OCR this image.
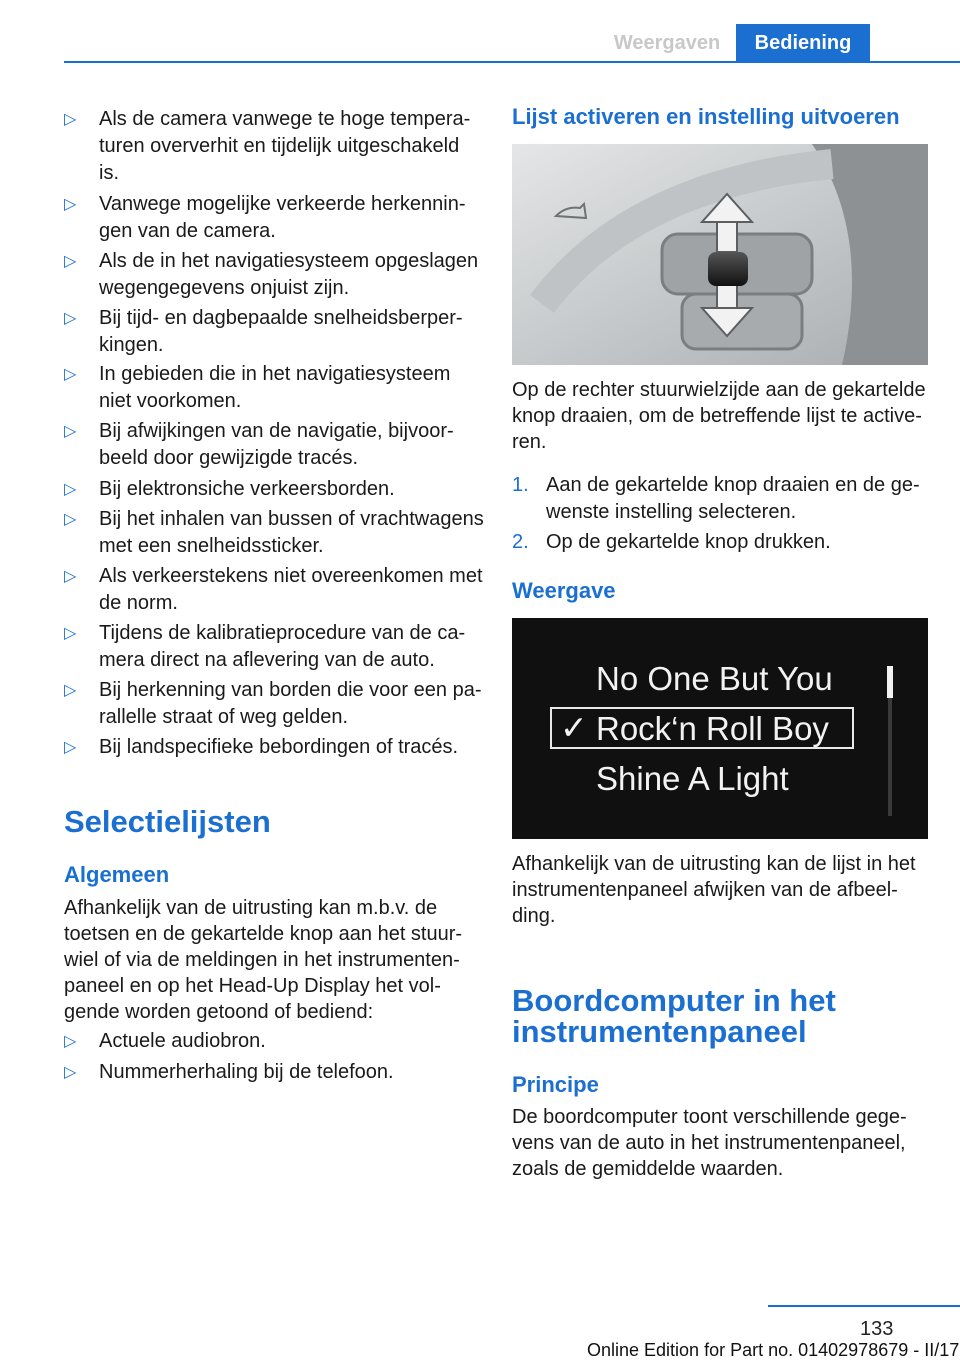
Weergaven	Bediening
▷ Als de camera vanwege te hoge temperaturen oververhit en tijdelijk uitgeschakeld is.
▷ Vanwege mogelijke verkeerde herkenningen van de camera.
▷ Als de in het navigatiesysteem opgeslagen wegengegevens onjuist zijn.
▷ Bij tijd- en dagbepaalde snelheidsberperkingen.
▷ In gebieden die in het navigatiesysteem niet voorkomen.
▷ Bij afwijkingen van de navigatie, bijvoorbeeld door gewijzigde tracés.
▷ Bij elektronsiche verkeersborden.
▷ Bij het inhalen van bussen of vrachtwagens met een snelheidssticker.
▷ Als verkeerstekens niet overeenkomen met de norm.
▷ Tijdens de kalibratieprocedure van de camera direct na aflevering van de auto.
▷ Bij herkenning van borden die voor een parallelle straat of weg gelden.
▷ Bij landspecifieke bebordingen of tracés.
Selectielijsten
Algemeen
Afhankelijk van de uitrusting kan m.b.v. de toetsen en de gekartelde knop aan het stuurwiel of via de meldingen in het instrumentenpaneel en op het Head-Up Display het volgende worden getoond of bediend:
▷ Actuele audiobron.
▷ Nummerherhaling bij de telefoon.
Lijst activeren en instelling uitvoeren
Op de rechter stuurwielzijde aan de gekartelde knop draaien, om de betreffende lijst te activeren.
1. Aan de gekartelde knop draaien en de gewenste instelling selecteren.
2. Op de gekartelde knop drukken.
Weergave
No One But You
✓ Rock‘n Roll Boy
Shine A Light
Afhankelijk van de uitrusting kan de lijst in het instrumentenpaneel afwijken van de afbeelding.
Boordcomputer in het
instrumentenpaneel
Principe
De boordcomputer toont verschillende gegevens van de auto in het instrumentenpaneel, zoals de gemiddelde waarden.
133
Online Edition for Part no. 01402978679 - II/17
